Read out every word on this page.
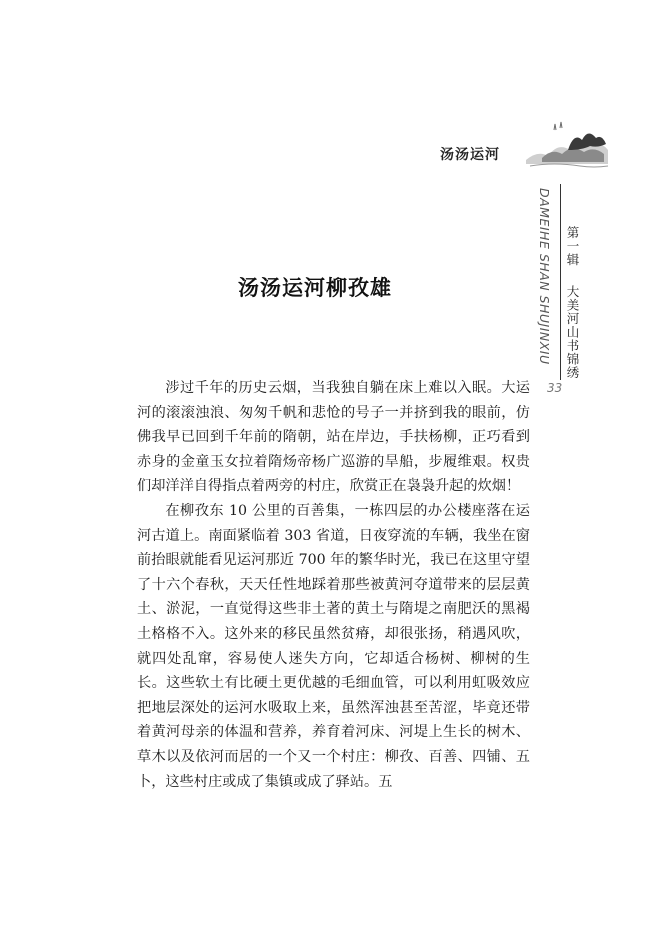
汤汤运河
DAMEIHE SHAN SHUJINXIU 第一辑 大美河山书锦绣
33
汤汤运河柳孜雄

涉过千年的历史云烟，当我独自躺在床上难以入眠。大运河的滚滚浊浪、匆匆千帆和悲怆的号子一并挤到我的眼前，仿佛我早已回到千年前的隋朝，站在岸边，手扶杨柳，正巧看到赤身的金童玉女拉着隋炀帝杨广巡游的旱船，步履维艰。权贵们却洋洋自得指点着两旁的村庄，欣赏正在袅袅升起的炊烟！

在柳孜东 10 公里的百善集，一栋四层的办公楼座落在运河古道上。南面紧临着 303 省道，日夜穿流的车辆，我坐在窗前抬眼就能看见运河那近 700 年的繁华时光，我已在这里守望了十六个春秋，天天任性地踩着那些被黄河夺道带来的层层黄土、淤泥，一直觉得这些非土著的黄土与隋堤之南肥沃的黑褐土格格不入。这外来的移民虽然贫瘠，却很张扬，稍遇风吹，就四处乱窜，容易使人迷失方向，它却适合杨树、柳树的生长。这些软土有比硬土更优越的毛细血管，可以利用虹吸效应把地层深处的运河水吸取上来，虽然浑浊甚至苦涩，毕竟还带着黄河母亲的体温和营养，养育着河床、河堤上生长的树木、草木以及依河而居的一个又一个村庄：柳孜、百善、四铺、五卜，这些村庄或成了集镇或成了驿站。五
